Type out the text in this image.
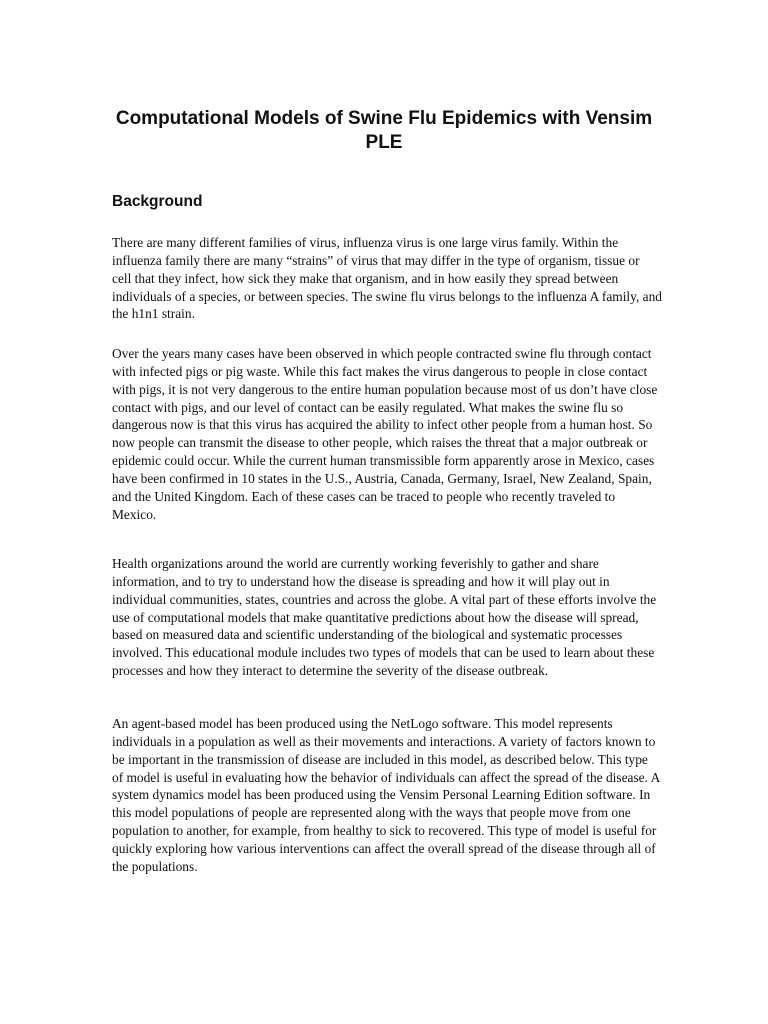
Computational Models of Swine Flu Epidemics with Vensim PLE
Background

There are many different families of virus, influenza virus is one large virus family. Within the influenza family there are many “strains” of virus that may differ in the type of organism, tissue or cell that they infect, how sick they make that organism, and in how easily they spread between individuals of a species, or between species. The swine flu virus belongs to the influenza A family, and the h1n1 strain.

Over the years many cases have been observed in which people contracted swine flu through contact with infected pigs or pig waste. While this fact makes the virus dangerous to people in close contact with pigs, it is not very dangerous to the entire human population because most of us don’t have close contact with pigs, and our level of contact can be easily regulated. What makes the swine flu so dangerous now is that this virus has acquired the ability to infect other people from a human host. So now people can transmit the disease to other people, which raises the threat that a major outbreak or epidemic could occur. While the current human transmissible form apparently arose in Mexico, cases have been confirmed in 10 states in the U.S., Austria, Canada, Germany, Israel, New Zealand, Spain, and the United Kingdom. Each of these cases can be traced to people who recently traveled to Mexico.

Health organizations around the world are currently working feverishly to gather and share information, and to try to understand how the disease is spreading and how it will play out in individual communities, states, countries and across the globe. A vital part of these efforts involve the use of computational models that make quantitative predictions about how the disease will spread, based on measured data and scientific understanding of the biological and systematic processes involved. This educational module includes two types of models that can be used to learn about these processes and how they interact to determine the severity of the disease outbreak.

An agent-based model has been produced using the NetLogo software. This model represents individuals in a population as well as their movements and interactions. A variety of factors known to be important in the transmission of disease are included in this model, as described below. This type of model is useful in evaluating how the behavior of individuals can affect the spread of the disease. A system dynamics model has been produced using the Vensim Personal Learning Edition software. In this model populations of people are represented along with the ways that people move from one population to another, for example, from healthy to sick to recovered. This type of model is useful for quickly exploring how various interventions can affect the overall spread of the disease through all of the populations.
